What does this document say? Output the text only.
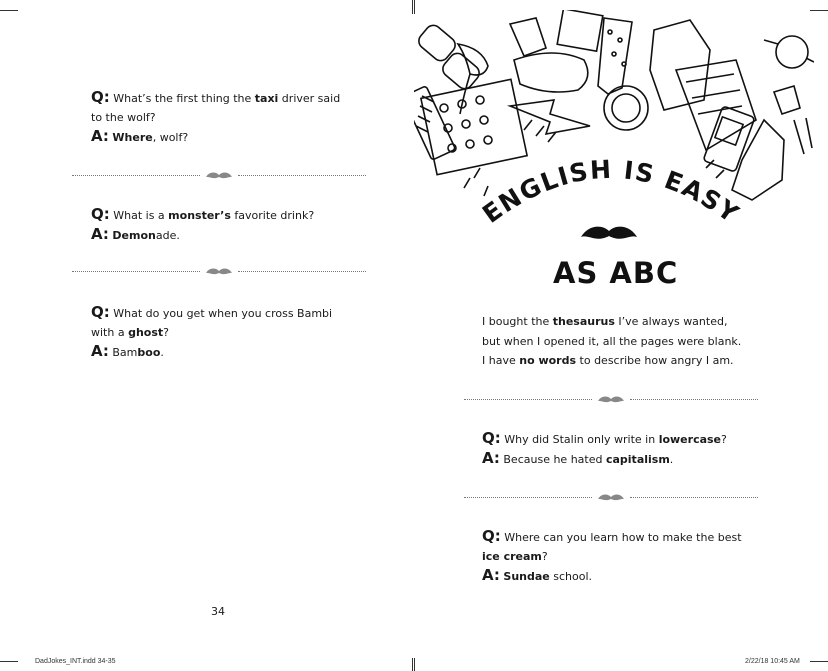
Q: What’s the first thing the taxi driver said to the wolf?
A: Where, wolf?
Q: What is a monster’s favorite drink?
A: Demonade.
Q: What do you get when you cross Bambi with a ghost?
A: Bamboo.
34
DadJokes_INT.indd 34-35
ENGLISH IS EASY
AS ABC
I bought the thesaurus I’ve always wanted, but when I opened it, all the pages were blank. I have no words to describe how angry I am.
Q: Why did Stalin only write in lowercase?
A: Because he hated capitalism.
Q: Where can you learn how to make the best ice cream?
A: Sundae school.
2/22/18 10:45 AM
